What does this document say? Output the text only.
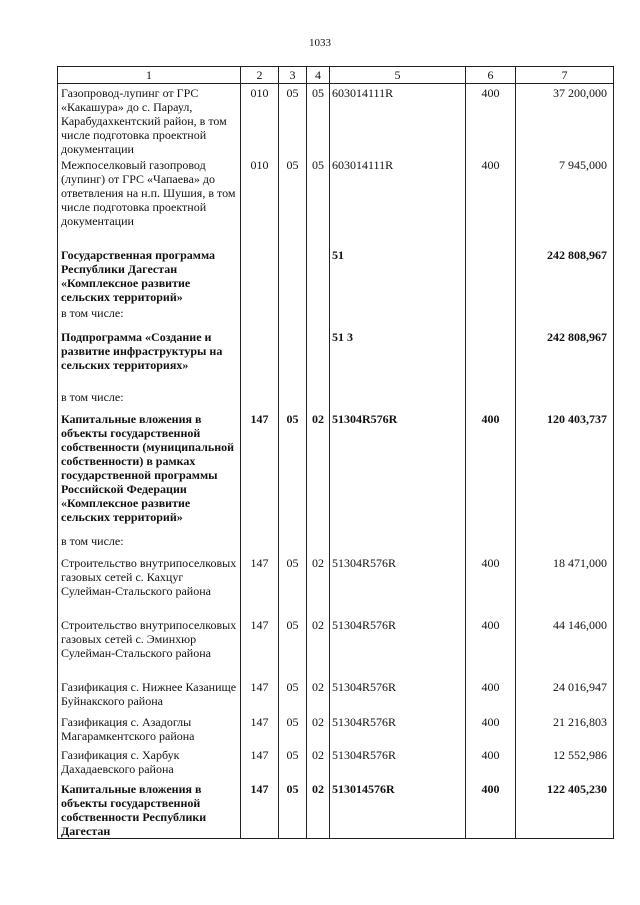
1033
1	2	3	4	5	6	7
Газопровод-лупинг от ГРС «Какашура» до с. Параул, Карабудахкентский район, в том числе подготовка проектной документации	010	05	05	603014111R	400	37 200,000
Межпоселковый газопровод (лупинг) от ГРС «Чапаева» до ответвления на н.п. Шушия, в том числе подготовка проектной документации	010	05	05	603014111R	400	7 945,000
Государственная программа Республики Дагестан «Комплексное развитие сельских территорий»				51		242 808,967
в том числе:						
Подпрограмма «Создание и развитие инфраструктуры на сельских территориях»				51 3		242 808,967
в том числе:						
Капитальные вложения в объекты государственной собственности (муниципальной собственности) в рамках государственной программы Российской Федерации «Комплексное развитие сельских территорий»	147	05	02	51304R576R	400	120 403,737
в том числе:						
Строительство внутрипоселковых газовых сетей с. Кахцуг Сулейман-Стальского района	147	05	02	51304R576R	400	18 471,000
Строительство внутрипоселковых газовых сетей с. Эминхюр Сулейман-Стальского района	147	05	02	51304R576R	400	44 146,000
Газификация с. Нижнее Казанище Буйнакского района	147	05	02	51304R576R	400	24 016,947
Газификация с. Азадоглы Магарамкентского района	147	05	02	51304R576R	400	21 216,803
Газификация с. Харбук Дахадаевского района	147	05	02	51304R576R	400	12 552,986
Капитальные вложения в объекты государственной собственности Республики Дагестан	147	05	02	513014576R	400	122 405,230
